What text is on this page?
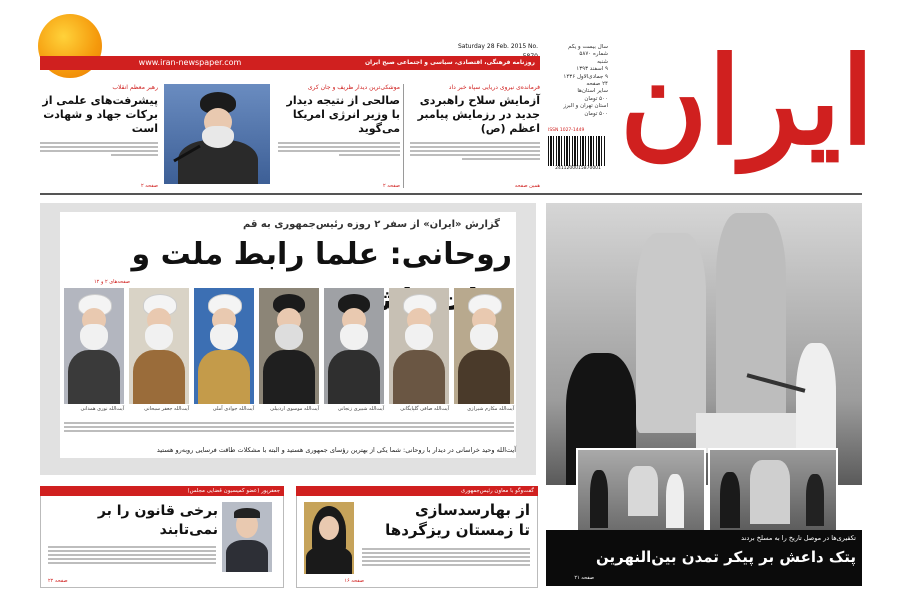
ایران
Saturday 28 Feb. 2015 No.
www.iran-newspaper.com	روزنامه فرهنگی، اقتصادی، سیاسی و اجتماعی صبح ایران
سال بیست و یکم
شماره ۵۸۷۰
شنبه
۹ اسفند ۱۳۹۳
۹ جمادی‌الاول ۱۴۳۶
۲۴ صفحه
سایر استان‌ها
۵۰۰ تومان
استان تهران و البرز
۵۰۰ تومان
ISSN 1027-1449
2411200015870001
فرمانده‌ی نیروی دریایی سپاه خبر داد
آزمایش سلاح راهبردی جدید در رزمایش پیامبر اعظم (ص)
همین صفحه
موشکی‌ترین دیدار ظریف و جان کری
صالحی از نتیجه دیدار با وزیر انرژی امریکا می‌گوید
صفحه ۲
رهبر معظم انقلاب
پیشرفت‌های علمی از برکات جهاد و شهادت است
صفحه ۲
گزارش «ایران» از سفر ۲ روزه رئیس‌جمهوری به قم
روحانی: علما رابط ملت و
صفحه‌های ۲ و ۱۲
آیت‌الله مکارم شیرازی
آیت‌الله صافی گلپایگانی
آیت‌الله شبیری زنجانی
آیت‌الله موسوی اردبیلی
آیت‌الله جوادی آملی
آیت‌الله جعفر سبحانی
آیت‌الله نوری همدانی
آیت‌الله وحید خراسانی در دیدار با روحانی: شما یکی از بهترین رؤسای جمهوری هستید و البته با مشکلات طاقت فرسایی روبه‌رو هستید
تکفیری‌ها در موصل تاریخ را به مسلخ بردند
پتک داعش بر پیکر تمدن بین‌النهرین
صفحه ۲۱
جعفرپور (عضو کمیسیون قضایی مجلس)
برخی قانون را بر نمی‌تابند
صفحه ۲۲
گفت‌وگو با معاون رئیس‌جمهوری
از بهارسدسازی
تا زمستان ریزگردها
صفحه ۱۶
